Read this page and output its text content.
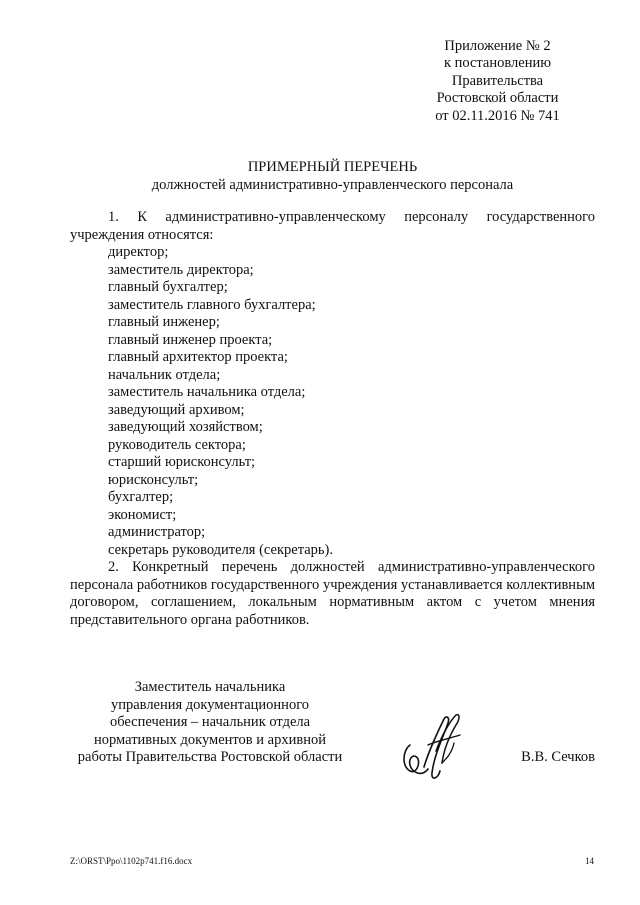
Приложение № 2
к постановлению
Правительства
Ростовской области
от 02.11.2016 № 741
ПРИМЕРНЫЙ ПЕРЕЧЕНЬ
должностей административно-управленческого персонала

1. К административно-управленческому персоналу государственного учреждения относятся:

директор;

заместитель директора;

главный бухгалтер;

заместитель главного бухгалтера;

главный инженер;

главный инженер проекта;

главный архитектор проекта;

начальник отдела;

заместитель начальника отдела;

заведующий архивом;

заведующий хозяйством;

руководитель сектора;

старший юрисконсульт;

юрисконсульт;

бухгалтер;

экономист;

администратор;

секретарь руководителя (секретарь).

2. Конкретный перечень должностей административно-управленческого персонала работников государственного учреждения устанавливается коллективным договором, соглашением, локальным нормативным актом с учетом мнения представительного органа работников.

Заместитель начальника
управления документационного
обеспечения – начальник отдела
нормативных документов и архивной
работы Правительства Ростовской области	В.В. Сечков
Z:\ORST\Ppo\1102p741.f16.docx	14
